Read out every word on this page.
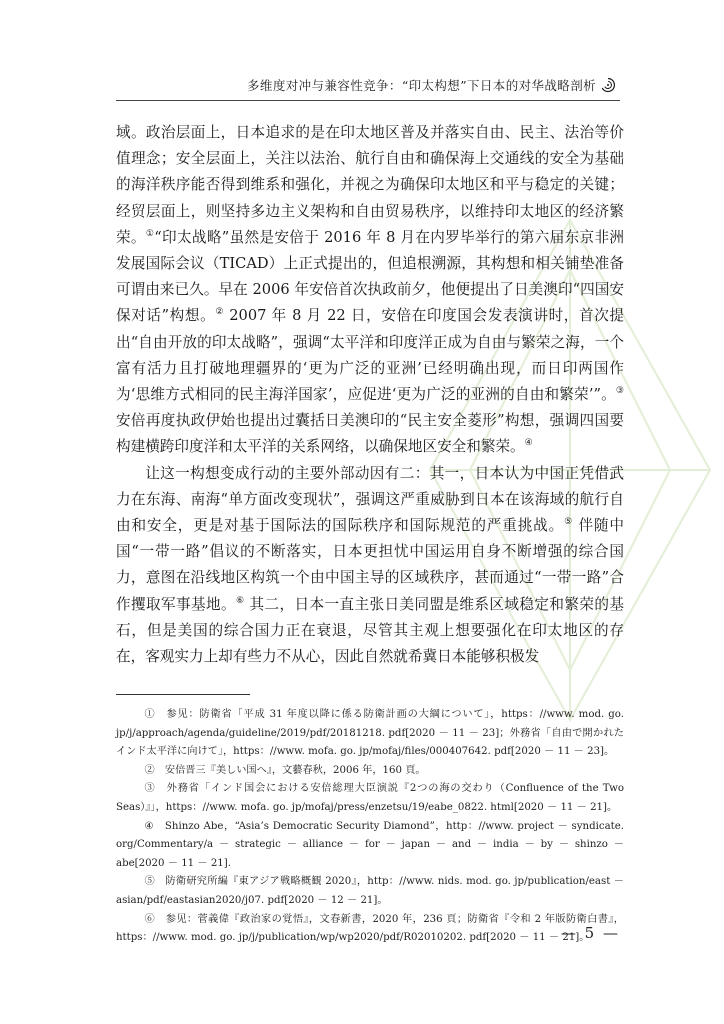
多维度对冲与兼容性竞争：“印太构想”下日本的对华战略剖析

域。政治层面上，日本追求的是在印太地区普及并落实自由、民主、法治等价值理念；安全层面上，关注以法治、航行自由和确保海上交通线的安全为基础的海洋秩序能否得到维系和强化，并视之为确保印太地区和平与稳定的关键；经贸层面上，则坚持多边主义架构和自由贸易秩序，以维持印太地区的经济繁荣。①“印太战略”虽然是安倍于 2016 年 8 月在内罗毕举行的第六届东京非洲发展国际会议（TICAD）上正式提出的，但追根溯源，其构想和相关铺垫准备可谓由来已久。早在 2006 年安倍首次执政前夕，他便提出了日美澳印“四国安保对话”构想。② 2007 年 8 月 22 日，安倍在印度国会发表演讲时，首次提出“自由开放的印太战略”，强调“太平洋和印度洋正成为自由与繁荣之海，一个富有活力且打破地理疆界的‘更为广泛的亚洲’已经明确出现，而日印两国作为‘思维方式相同的民主海洋国家’，应促进‘更为广泛的亚洲的自由和繁荣’”。③ 安倍再度执政伊始也提出过囊括日美澳印的“民主安全菱形”构想，强调四国要构建横跨印度洋和太平洋的关系网络，以确保地区安全和繁荣。④

让这一构想变成行动的主要外部动因有二：其一，日本认为中国正凭借武力在东海、南海“单方面改变现状”，强调这严重威胁到日本在该海域的航行自由和安全，更是对基于国际法的国际秩序和国际规范的严重挑战。⑤ 伴随中国“一带一路”倡议的不断落实，日本更担忧中国运用自身不断增强的综合国力，意图在沿线地区构筑一个由中国主导的区域秩序，甚而通过“一带一路”合作攫取军事基地。⑥ 其二，日本一直主张日美同盟是维系区域稳定和繁荣的基石，但是美国的综合国力正在衰退，尽管其主观上想要强化在印太地区的存在，客观实力上却有些力不从心，因此自然就希冀日本能够积极发

①　 参见：防衛省「平成 31 年度以降に係る防衛計画の大綱について」，https：//www. mod. go. jp/j/approach/agenda/guideline/2019/pdf/20181218. pdf[2020 － 11 － 23]；外務省「自由で開かれたインド太平洋に向けて」，https：//www. mofa. go. jp/mofaj/files/000407642. pdf[2020 － 11 － 23]。

②　 安倍晋三『美しい国へ』，文藝春秋，2006 年，160 頁。

③　 外務省「インド国会における安倍総理大臣演説『2つの海の交わり（Confluence of the Two Seas）』」，https：//www. mofa. go. jp/mofaj/press/enzetsu/19/eabe_0822. html[2020 － 11 － 21]。

④　 Shinzo Abe，“Asia’s Democratic Security Diamond”，http：//www. project － syndicate. org/Commentary/a － strategic － alliance － for － japan － and － india － by － shinzo － abe[2020 － 11 － 21].

⑤　 防衛研究所編『東アジア戦略概観 2020』，http：//www. nids. mod. go. jp/publication/east － asian/pdf/eastasian2020/j07. pdf[2020 － 12 － 21]。

⑥　 参见：菅義偉『政治家の覚悟』，文春新書，2020 年，236 頁；防衛省『令和 2 年版防衛白書』，https：//www. mod. go. jp/j/publication/wp/wp2020/pdf/R02010202. pdf[2020 － 11 － 21]。

— 5 —
